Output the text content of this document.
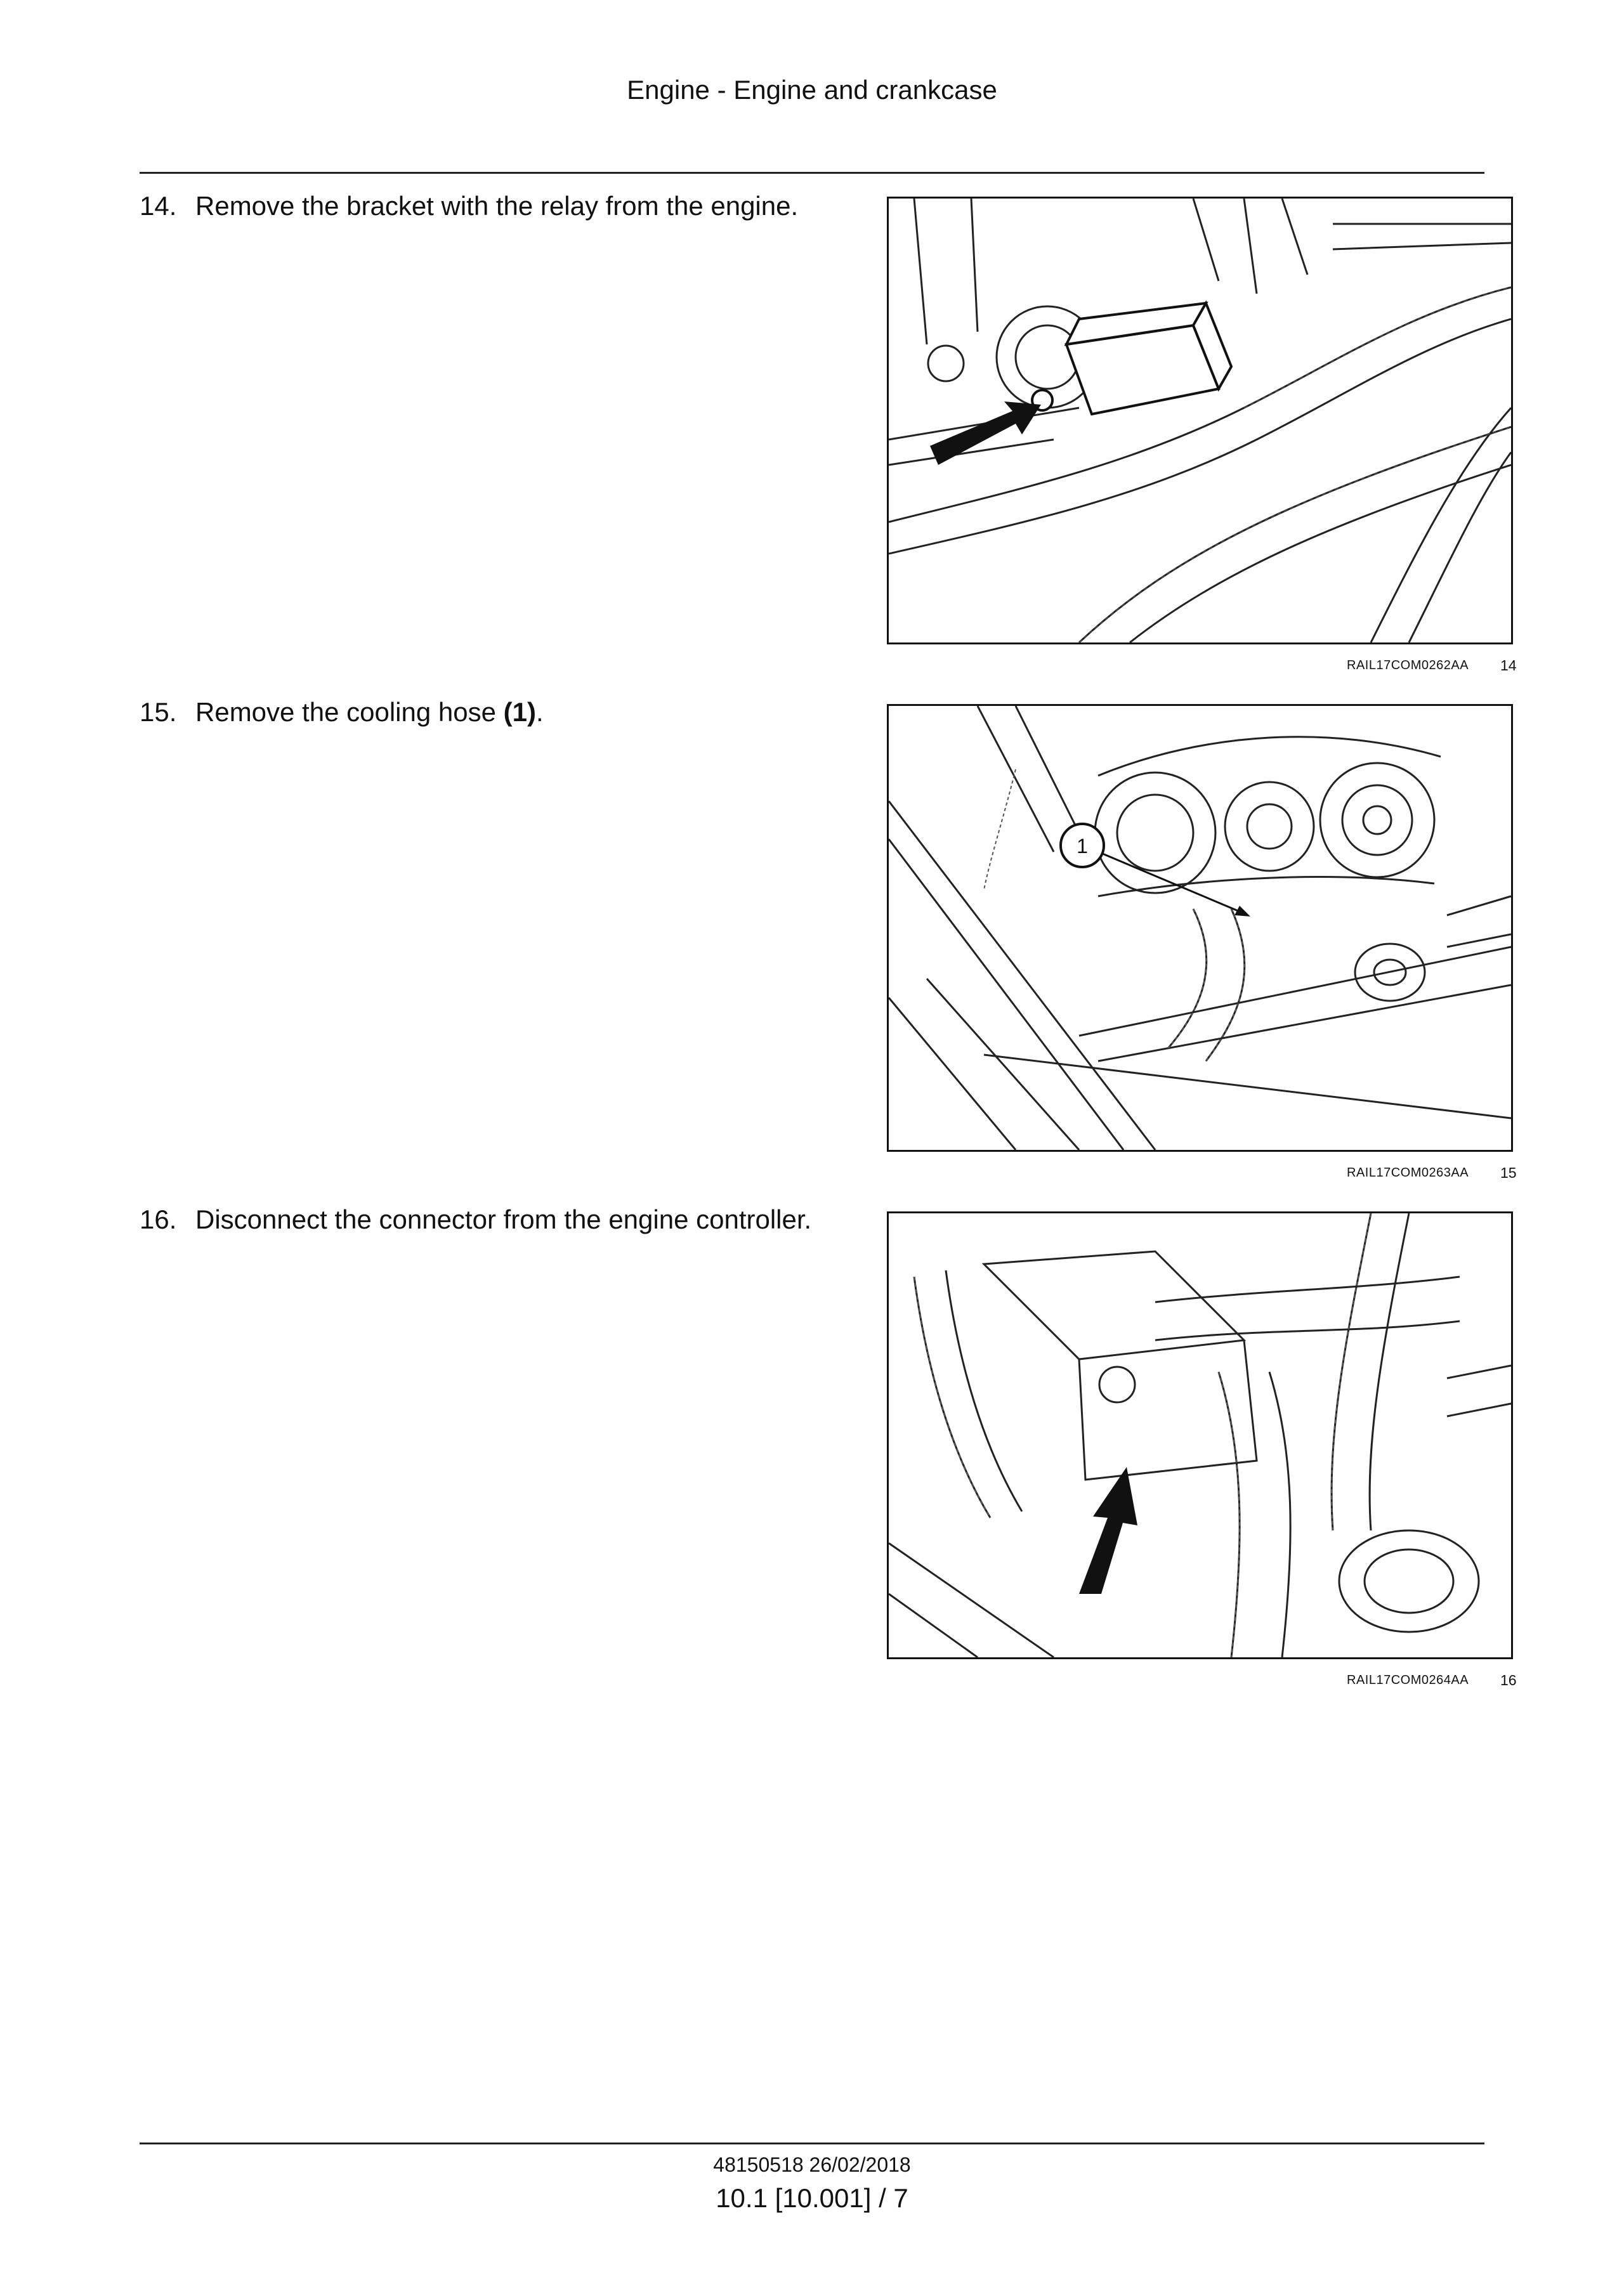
Engine - Engine and crankcase
14. Remove the bracket with the relay from the engine.
RAIL17COM0262AA 14
15. Remove the cooling hose (1).
1
RAIL17COM0263AA 15
16. Disconnect the connector from the engine controller.
RAIL17COM0264AA 16
48150518 26/02/2018
10.1 [10.001] / 7
